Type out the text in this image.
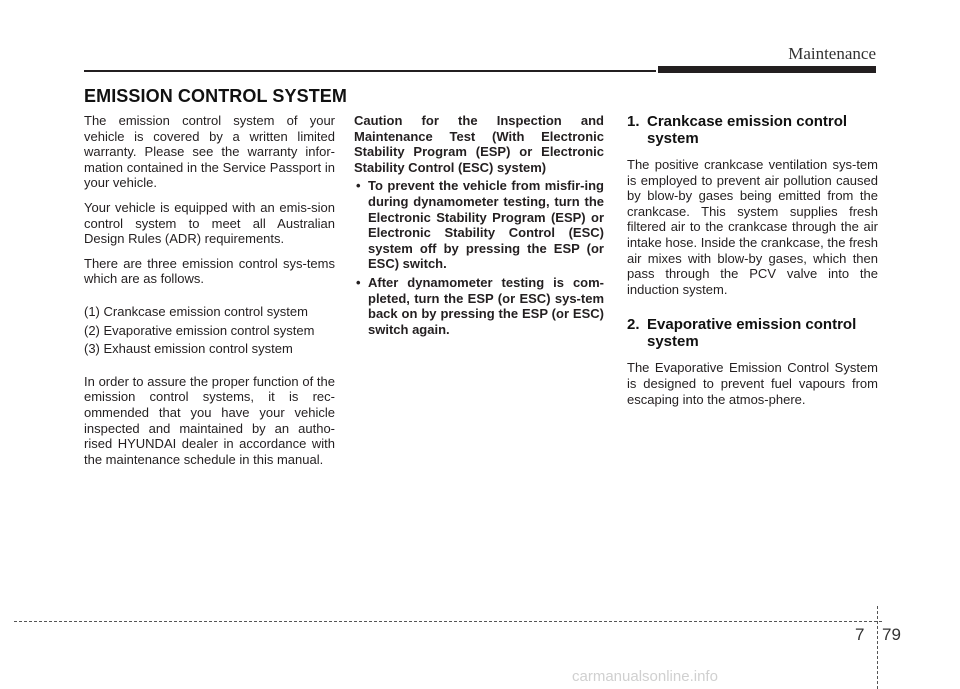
Maintenance
EMISSION CONTROL SYSTEM

The emission control system of your vehicle is covered by a written limited warranty. Please see the warranty infor-mation contained in the Service Passport in your vehicle.

Your vehicle is equipped with an emis-sion control system to meet all Australian Design Rules (ADR) requirements.

There are three emission control sys-tems which are as follows.

(1) Crankcase emission control system

(2) Evaporative emission control system

(3) Exhaust emission control system

In order to assure the proper function of the emission control systems, it is rec-ommended that you have your vehicle inspected and maintained by an autho-rised HYUNDAI dealer in accordance with the maintenance schedule in this manual.

Caution for the Inspection and Maintenance Test (With Electronic Stability Program (ESP) or Electronic Stability Control (ESC) system)

• To prevent the vehicle from misfir-ing during dynamometer testing, turn the Electronic Stability Program (ESP) or Electronic Stability Control (ESC) system off by pressing the ESP (or ESC) switch.
• After dynamometer testing is com-pleted, turn the ESP (or ESC) sys-tem back on by pressing the ESP (or ESC) switch again.
1. Crankcase emission control system

The positive crankcase ventilation sys-tem is employed to prevent air pollution caused by blow-by gases being emitted from the crankcase. This system supplies fresh filtered air to the crankcase through the air intake hose. Inside the crankcase, the fresh air mixes with blow-by gases, which then pass through the PCV valve into the induction system.

2. Evaporative emission control system

The Evaporative Emission Control System is designed to prevent fuel vapours from escaping into the atmos-phere.

7 79
carmanualsonline.info
